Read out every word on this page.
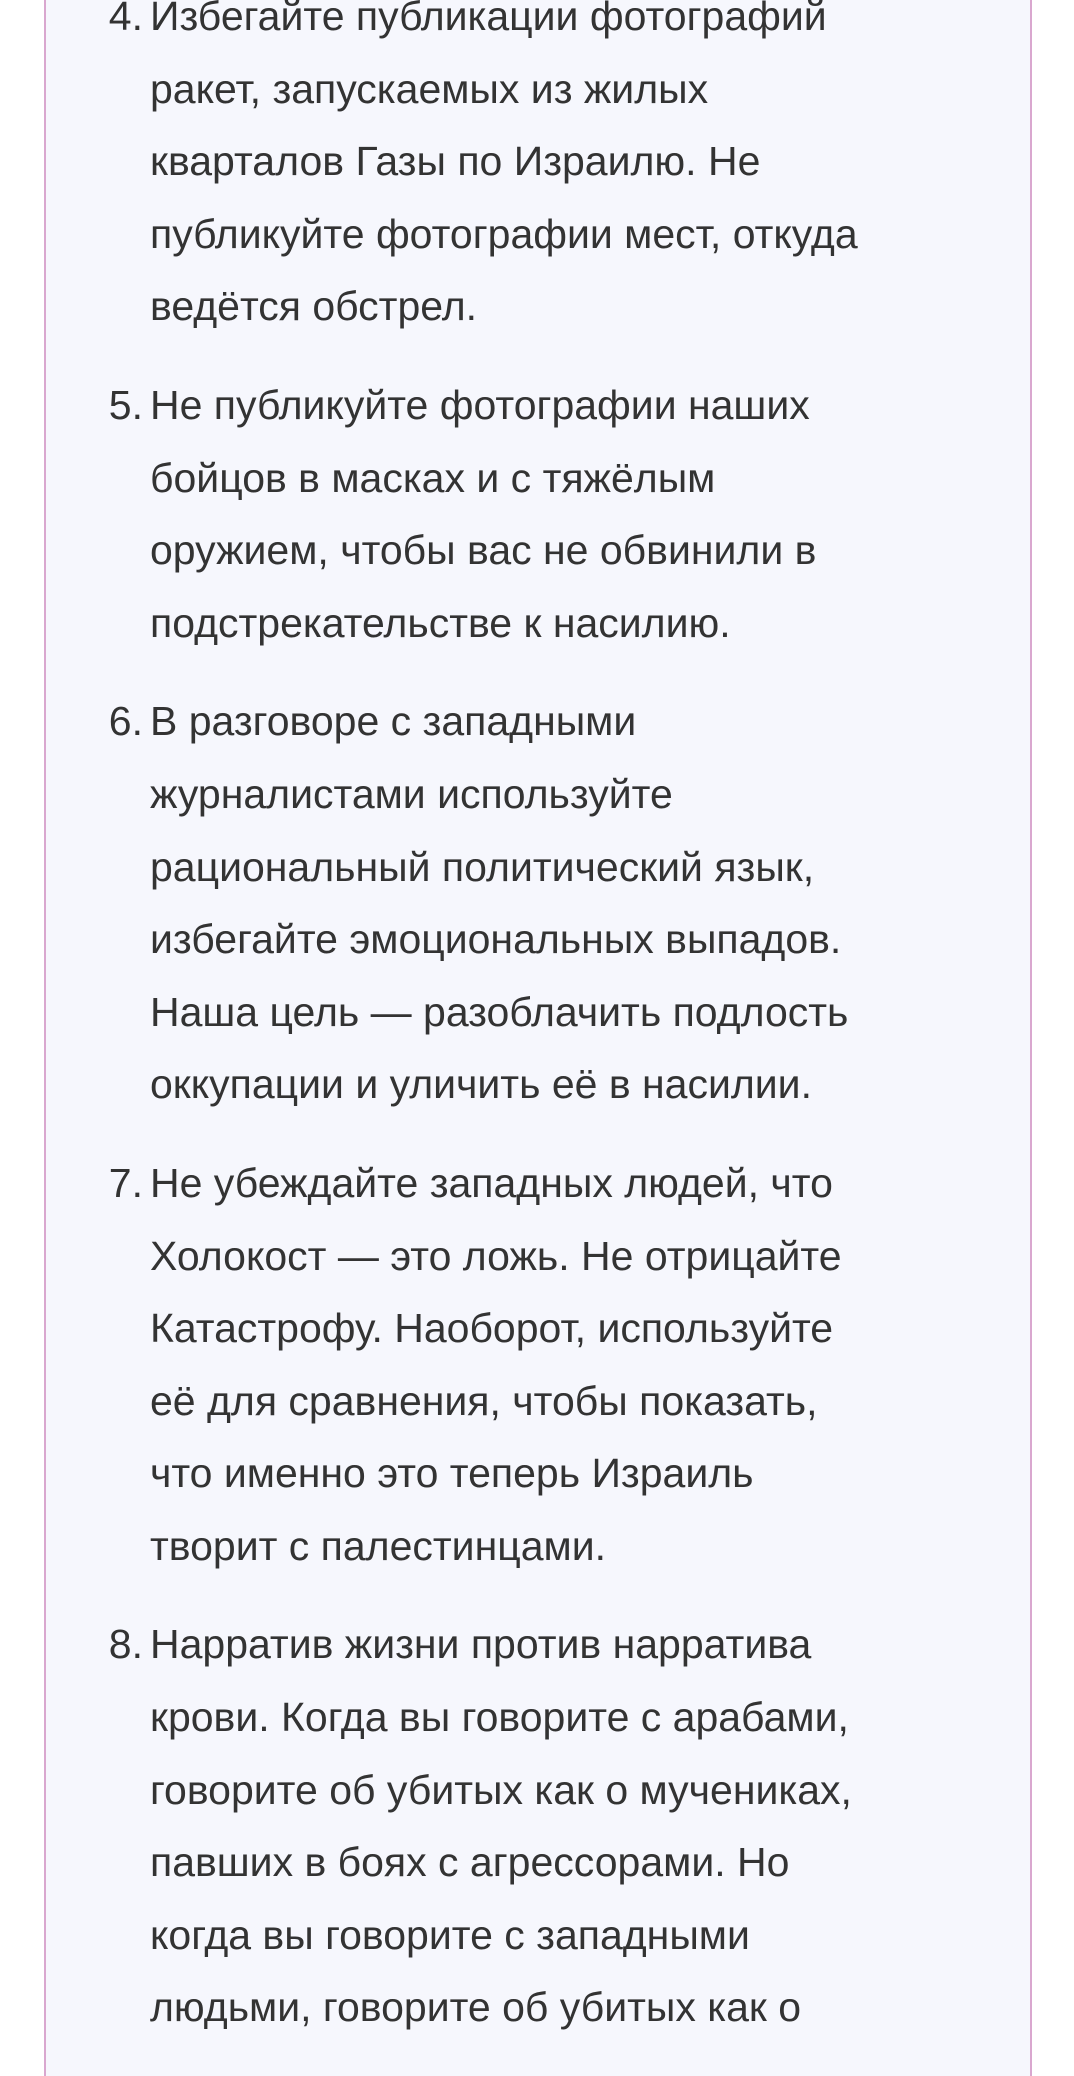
4. Избегайте публикации фотографий
ракет, запускаемых из жилых
кварталов Газы по Израилю. Не
публикуйте фотографии мест, откуда
ведётся обстрел.
5. Не публикуйте фотографии наших
бойцов в масках и с тяжёлым
оружием, чтобы вас не обвинили в
подстрекательстве к насилию.
6. В разговоре с западными
журналистами используйте
рациональный политический язык,
избегайте эмоциональных выпадов.
Наша цель — разоблачить подлость
оккупации и уличить её в насилии.
7. Не убеждайте западных людей, что
Холокост — это ложь. Не отрицайте
Катастрофу. Наоборот, используйте
её для сравнения, чтобы показать,
что именно это теперь Израиль
творит с палестинцами.
8. Нарратив жизни против нарратива
крови. Когда вы говорите с арабами,
говорите об убитых как о мучениках,
павших в боях с агрессорами. Но
когда вы говорите с западными
людьми, говорите об убитых как о
